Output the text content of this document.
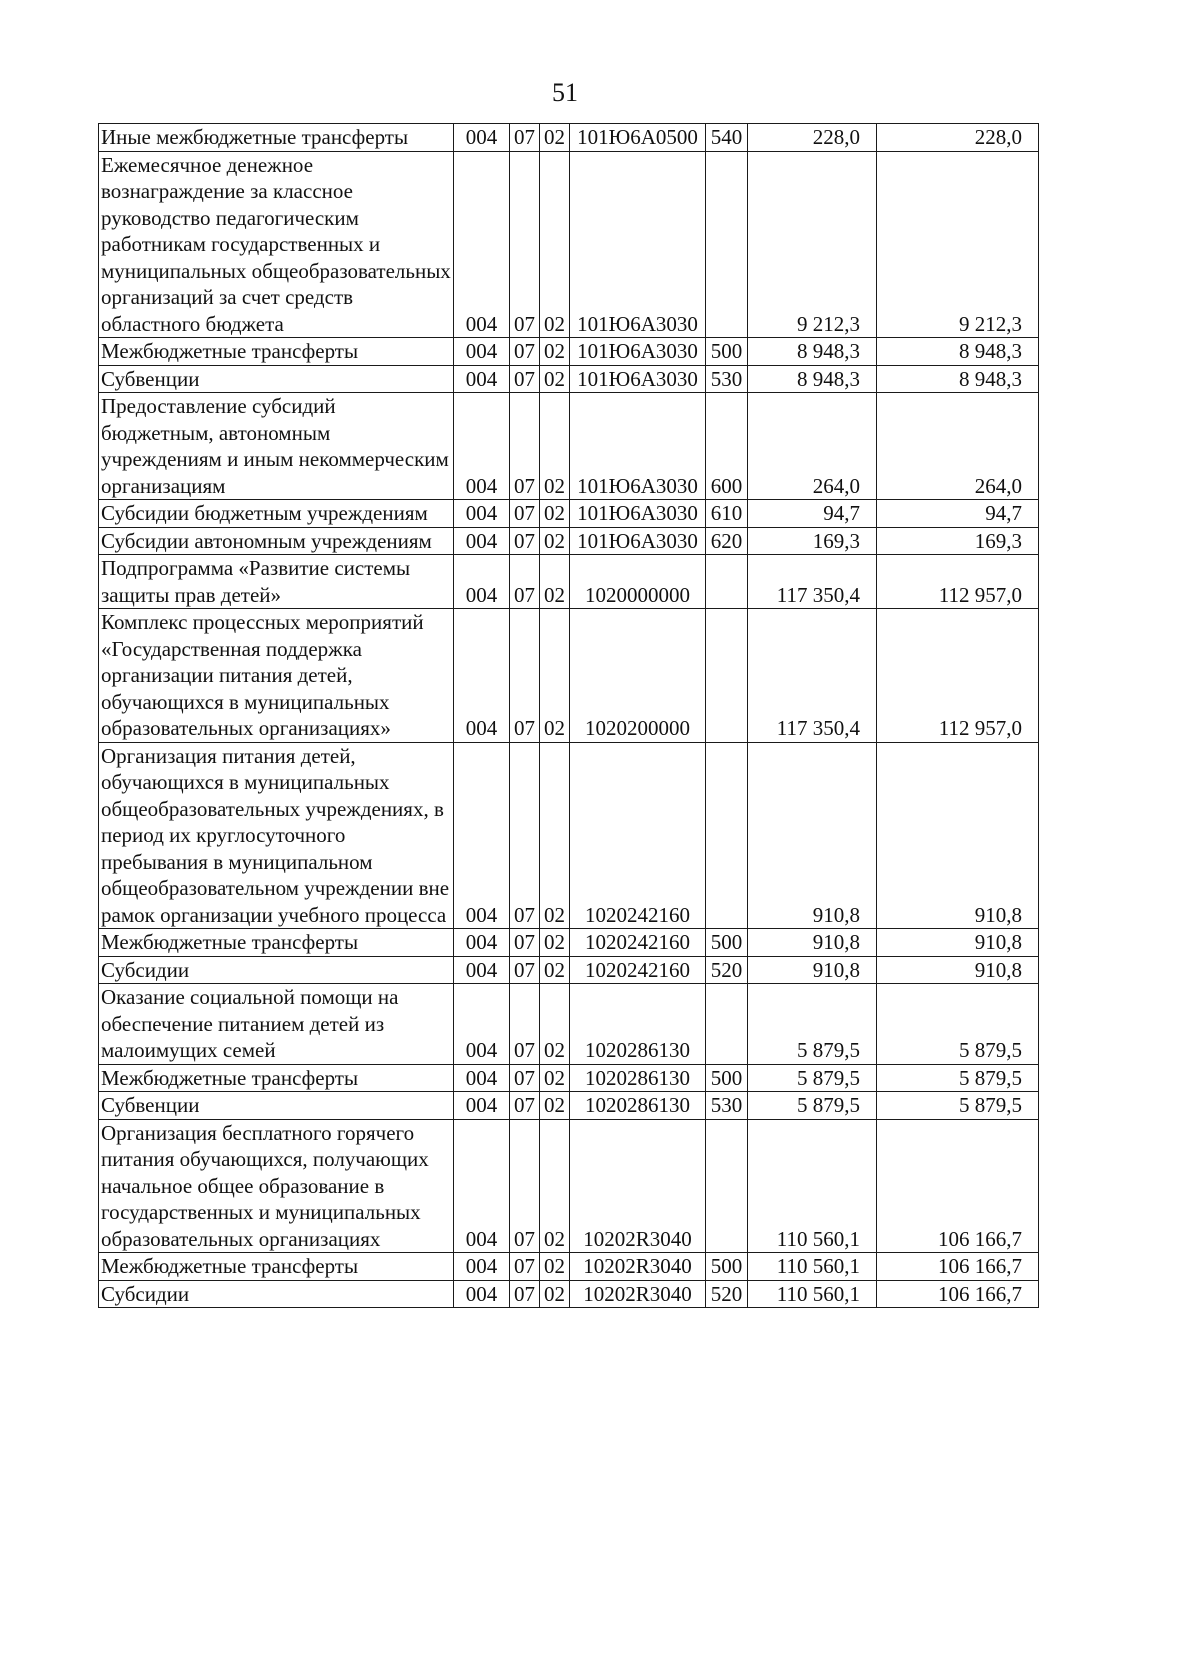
51
Иные межбюджетные трансферты	004	07	02	101Ю6А0500	540	228,0	228,0
Ежемесячное денежное вознаграждение за классное руководство педагогическим работникам государственных и муниципальных общеобразовательных организаций за счет средств областного бюджета	004	07	02	101Ю6А3030		9 212,3	9 212,3
Межбюджетные трансферты	004	07	02	101Ю6А3030	500	8 948,3	8 948,3
Субвенции	004	07	02	101Ю6А3030	530	8 948,3	8 948,3
Предоставление субсидий бюджетным, автономным учреждениям и иным некоммерческим организациям	004	07	02	101Ю6А3030	600	264,0	264,0
Субсидии бюджетным учреждениям	004	07	02	101Ю6А3030	610	94,7	94,7
Субсидии автономным учреждениям	004	07	02	101Ю6А3030	620	169,3	169,3
Подпрограмма «Развитие системы защиты прав детей»	004	07	02	1020000000		117 350,4	112 957,0
Комплекс процессных мероприятий «Государственная поддержка организации питания детей, обучающихся в муниципальных образовательных организациях»	004	07	02	1020200000		117 350,4	112 957,0
Организация питания детей, обучающихся в муниципальных общеобразовательных учреждениях, в период их круглосуточного пребывания в муниципальном общеобразовательном учреждении вне рамок организации учебного процесса	004	07	02	1020242160		910,8	910,8
Межбюджетные трансферты	004	07	02	1020242160	500	910,8	910,8
Субсидии	004	07	02	1020242160	520	910,8	910,8
Оказание социальной помощи на обеспечение питанием детей из малоимущих семей	004	07	02	1020286130		5 879,5	5 879,5
Межбюджетные трансферты	004	07	02	1020286130	500	5 879,5	5 879,5
Субвенции	004	07	02	1020286130	530	5 879,5	5 879,5
Организация бесплатного горячего питания обучающихся, получающих начальное общее образование в государственных и муниципальных образовательных организациях	004	07	02	10202R3040		110 560,1	106 166,7
Межбюджетные трансферты	004	07	02	10202R3040	500	110 560,1	106 166,7
Субсидии	004	07	02	10202R3040	520	110 560,1	106 166,7
